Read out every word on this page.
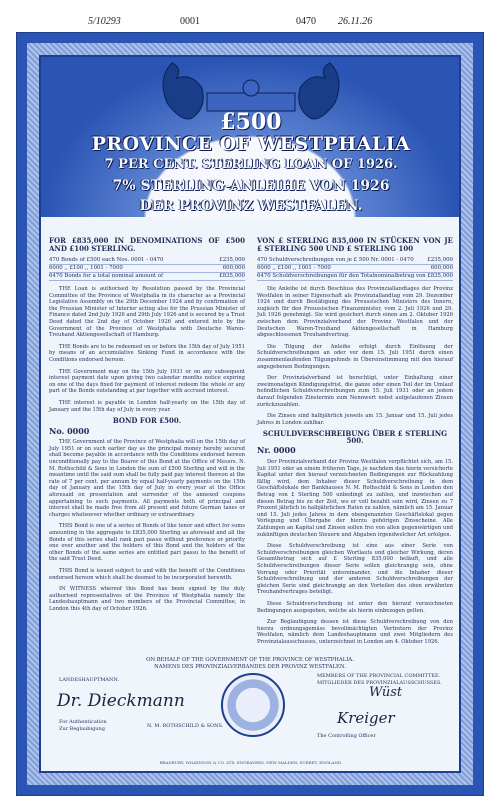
5/10293	0001	0470 26.11.26
£500
PROVINCE OF WESTPHALIA
7 PER CENT. STERLING LOAN OF 1926.
7% STERLING-ANLEIHE VON 1926
DER PROVINZ WESTFALEN.
FOR £835,000 IN DENOMINATIONS OF £500 AND £100 STERLING.
470 Bonds of £500 each Nos. 0001 - 0470	£235,000
6000 ,, £100 ,, 1001 - 7000	600,000
6470 Bonds for a total nominal amount of	£835,000
THE Loan is authorised by Resolution passed by the Provincial Committee of the Province of Westphalia in its character as a Provincial Legislative Assembly on the 29th December 1924 and by confirmation of the Prussian Minister of Interior acting also for the Prussian Minister of Finance dated 2nd July 1926 and 29th July 1926 and is secured by a Trust Deed dated the 2nd day of October 1926 and entered into by the Government of the Province of Westphalia with Deutsche Waren-Treuhand Aktiengesellschaft of Hamburg.
THE Bonds are to be redeemed on or before the 15th day of July 1951 by means of an accumulative Sinking Fund in accordance with the Conditions endorsed hereon.
THE Government may on the 15th July 1931 or on any subsequent interest payment date upon giving two calendar months notice expiring on one of the days fixed for payment of interest redeem the whole or any part of the Bonds outstanding at par together with accrued interest.
THE interest is payable in London half-yearly on the 15th day of January and the 15th day of July in every year.
BOND FOR £500.
No. 0000
THE Government of the Province of Westphalia will on the 15th day of July 1951 or on such earlier day as the principal money hereby secured shall become payable in accordance with the Conditions endorsed hereon unconditionally pay to the Bearer of this Bond at the Office of Messrs. N. M. Rothschild & Sons in London the sum of £500 Sterling and will in the meantime until the said sum shall be fully paid pay interest thereon at the rate of 7 per cent. per annum by equal half-yearly payments on the 15th day of January and the 15th day of July in every year at the Office aforesaid on presentation and surrender of the annexed coupons appertaining to such payments. All payments both of principal and interest shall be made free from all present and future German taxes or charges whatsoever whether ordinary or extraordinary.
THIS Bond is one of a series of Bonds of like tenor and effect for sums amounting in the aggregate to £835,000 Sterling as aforesaid and all the Bonds of this series shall rank pari passu without preference or priority one over another and the holders of this Bond and the holders of the other Bonds of the same series are entitled pari passu to the benefit of the said Trust Deed.
THIS Bond is issued subject to and with the benefit of the Conditions endorsed hereon which shall be deemed to be incorporated herewith.
IN WITNESS whereof this Bond has been signed by the duly authorised representatives of the Province of Westphalia namely the Landeshauptmann and two members of the Provincial Committee, in London this 4th day of October 1926.
VON £ STERLING 835,000 IN STÜCKEN VON JE £ STERLING 500 UND £ STERLING 100
470 Schuldverschreibungen von je £ 500 Nr. 0001 - 0470	£235,000
6000 ,, £100 ,, 1001 - 7000	600,000
6470 Schuldverschreibungen für den Totalnominalbetrag von £835,000
Die Anleihe ist durch Beschluss des Provinziallandtages der Provinz Westfalen in seiner Eigenschaft als Provinziallandtag vom 29. Dezember 1924 und durch Bestätigung des Preussischen Ministers des Innern, zugleich für den Preussischen Finanzminister, vom 2. Juli 1926 und 29. Juli 1926 genehmigt. Sie wird gesichert durch einen am 2. Oktober 1926 zwischen dem Provinzialverband der Provinz Westfalen und der Deutschen Waren-Treuhand Aktiengesellschaft in Hamburg abgeschlossenen Treuhandvertrag.
Die Tilgung der Anleihe erfolgt durch Einlösung der Schuldverschreibungen an oder vor dem 15. Juli 1951 durch einen zusammenlaufenden Tilgungsfonds in Übereinstimmung mit den hierauf angegebenen Bedingungen.
Der Provinzialverband ist berechtigt, unter Einhaltung einer zweimonatigen Kündigungsfrist, die ganze oder einen Teil der im Umlauf befindlichen Schuldverschreibungen zum 15. Juli 1931 oder an jedem darauf folgenden Zinstermin zum Nennwert nebst aufgelaufenen Zinsen zurückzuzahlen.
Die Zinsen sind halbjährlich jeweils am 15. Januar und 15. Juli jedes Jahres in London zahlbar.
SCHULDVERSCHREIBUNG ÜBER £ STERLING 500.
Nr. 0000
Der Provinzialverband der Provinz Westfalen verpflichtet sich, am 15. Juli 1951 oder an einem früheren Tage, je nachdem das hierin versicherte Kapital unter den hierauf verzeichneten Bedingungen zur Rückzahlung fällig wird, dem Inhaber dieser Schuldverschreibung in dem Geschäftslokale der Bankhauses N. M. Rothschild & Sons in London den Betrag von £ Sterling 500 unbedingt zu zahlen, und inzwischen auf diesen Betrag bis zu der Zeit, wo er voll bezahlt sein wird, Zinsen zu 7 Prozent jährlich in halbjährlichen Raten zu zahlen, nämlich am 15. Januar und 15. Juli jedes Jahres in dem obengenannten Geschäftslokal gegen Vorlegung und Übergabe der hierzu gehörigen Zinsscheine. Alle Zahlungen an Kapital und Zinsen sollen frei von allen gegenwärtigen und zukünftigen deutschen Steuern und Abgaben irgendwelcher Art erfolgen.
Diese Schuldverschreibung ist eine aus einer Serie von Schuldverschreibungen gleichen Wortlauts und gleicher Wirkung, deren Gesamtbetrag sich auf £ Sterling 835,000 beläuft, und alle Schuldverschreibungen dieser Serie sollen gleichrangig sein, ohne Vorrang oder Priorität untereinander, und die Inhaber dieser Schuldverschreibung und der anderen Schuldverschreibungen der gleichen Serie sind gleichrangig an den Vorteilen des oben erwähnten Treuhandvertrages beteiligt.
Diese Schuldverschreibung ist unter den hierauf verzeichneten Bedingungen ausgegeben, welche als hierin einbezogen gelten.
Zur Beglaubigung dessen ist diese Schuldverschreibung von den hierzu ordnungsgemäss bevollmächtigten Vertretern der Provinz Westfalen, nämlich dem Landeshauptmann und zwei Mitgliedern des Provinzialausschusses, unterzeichnet in London am 4. Oktober 1926.
ON BEHALF OF THE GOVERNMENT OF THE PROVINCE OF WESTPHALIA.
NAMENS DES PROVINZIALVERBANDES DER PROVINZ WESTFALEN.
LANDESHAUPTMANN.
MEMBERS OF THE PROVINCIAL COMMITTEE.
MITGLIEDER DES PROVINZIALAUSSCHUSSES.
Dr. Dieckmann	Wüst
Kreiger
For Authentication
Zur Beglaubigung	N. M. ROTHSCHILD & SONS.
The Controlling Officer
BRADBURY, WILKINSON & CO. LTD. ENGRAVERS, NEW MALDEN, SURREY, ENGLAND.
